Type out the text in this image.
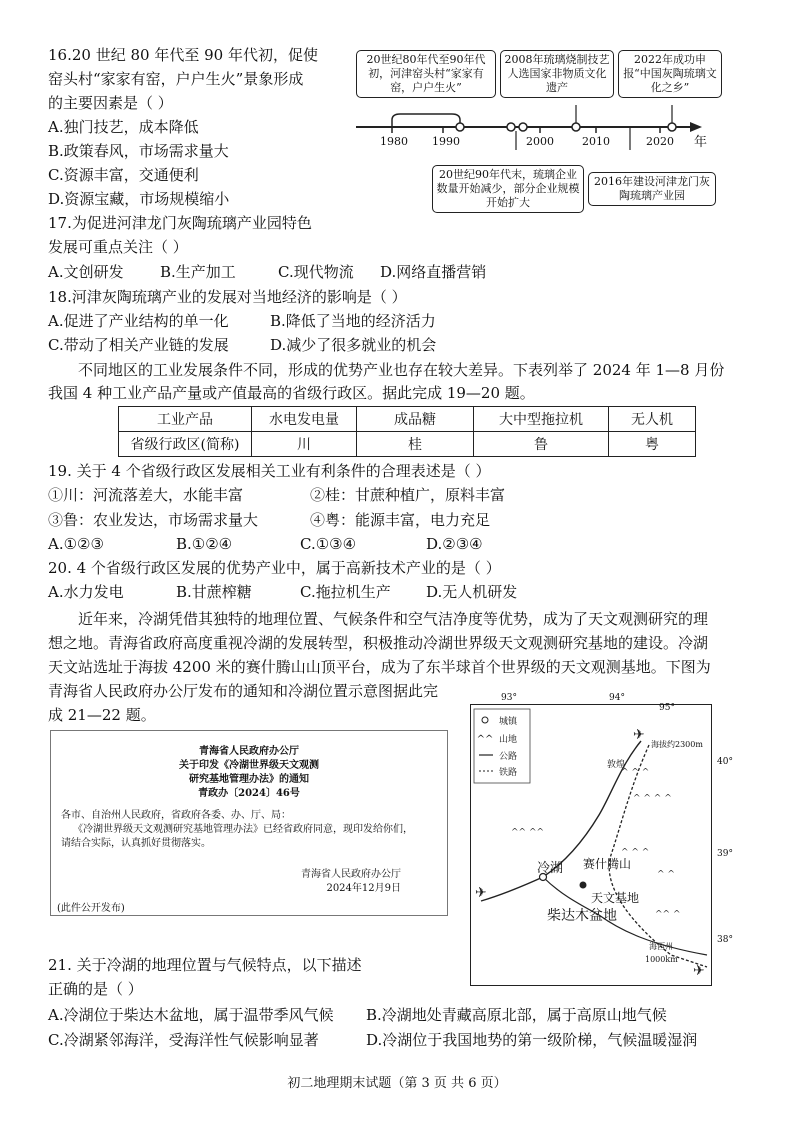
16.20 世纪 80 年代至 90 年代初，促使
窑头村“家家有窑，户户生火”景象形成
的主要因素是（ ）
A.独门技艺，成本降低
B.政策春风，市场需求量大
C.资源丰富，交通便利
D.资源宝藏，市场规模缩小
20世纪80年代至90年代初，河津窑头村“家家有窑，户户生火”
2008年琉璃烧制技艺人选国家非物质文化遗产
2022年成功申报“中国灰陶琉璃文化之乡”
1980 1990	2000	2010	2020 年
20世纪90年代末，琉璃企业数量开始减少，部分企业规模开始扩大
2016年建设河津龙门灰陶琉璃产业园
17.为促进河津龙门灰陶琉璃产业园特色
发展可重点关注（ ）
A.文创研发 B.生产加工	C.现代物流 D.网络直播营销
18.河津灰陶琉璃产业的发展对当地经济的影响是（ ）
A.促进了产业结构的单一化	B.降低了当地的经济活力
C.带动了相关产业链的发展	D.减少了很多就业的机会
不同地区的工业发展条件不同，形成的优势产业也存在较大差异。下表列举了 2024 年 1—8 月份
我国 4 种工业产品产量或产值最高的省级行政区。据此完成 19—20 题。
工业产品	水电发电量	成品糖	大中型拖拉机	无人机
省级行政区(简称)	川	桂	鲁	粤
19. 关于 4 个省级行政区发展相关工业有利条件的合理表述是（ ）
①川：河流落差大，水能丰富	②桂：甘蔗种植广，原料丰富
③鲁：农业发达，市场需求量大	④粤：能源丰富，电力充足
A.①②③	B.①②④	C.①③④	D.②③④
20. 4 个省级行政区发展的优势产业中，属于高新技术产业的是（ ）
A.水力发电	B.甘蔗榨糖	C.拖拉机生产 D.无人机研发
近年来，冷湖凭借其独特的地理位置、气候条件和空气洁净度等优势，成为了天文观测研究的理
想之地。青海省政府高度重视冷湖的发展转型，积极推动冷湖世界级天文观测研究基地的建设。冷湖
天文站选址于海拔 4200 米的赛什腾山山顶平台，成为了东半球首个世界级的天文观测基地。下图为
青海省人民政府办公厅发布的通知和冷湖位置示意图据此完
成 21—22 题。
青海省人民政府办公厅
关于印发《冷湖世界级天文观测
研究基地管理办法》的通知
青政办〔2024〕46号
各市、自治州人民政府，省政府各委、办、厅、局：
《冷湖世界级天文观测研究基地管理办法》已经省政府同意，现印发给你们，
请结合实际，认真抓好贯彻落实。
青海省人民政府办公厅
2024年12月9日
(此件公开发布)
^^
^ ^ ^
^ ^ ^ ^
^^ ^^
^ ^ ^
^ ^
^^ ^
✈
✈
✈
93°	94°
95°
40°
39°
38°
城镇
山地
公路
铁路
冷湖 赛什腾山
天文基地
柴达木盆地
敦煌
海拔约2300m
海西州
1000km
21. 关于冷湖的地理位置与气候特点，以下描述
正确的是（ ）
A.冷湖位于柴达木盆地，属于温带季风气候 B.冷湖地处青藏高原北部，属于高原山地气候
C.冷湖紧邻海洋，受海洋性气候影响显著	D.冷湖位于我国地势的第一级阶梯，气候温暖湿润
初二地理期末试题（第 3 页 共 6 页）
